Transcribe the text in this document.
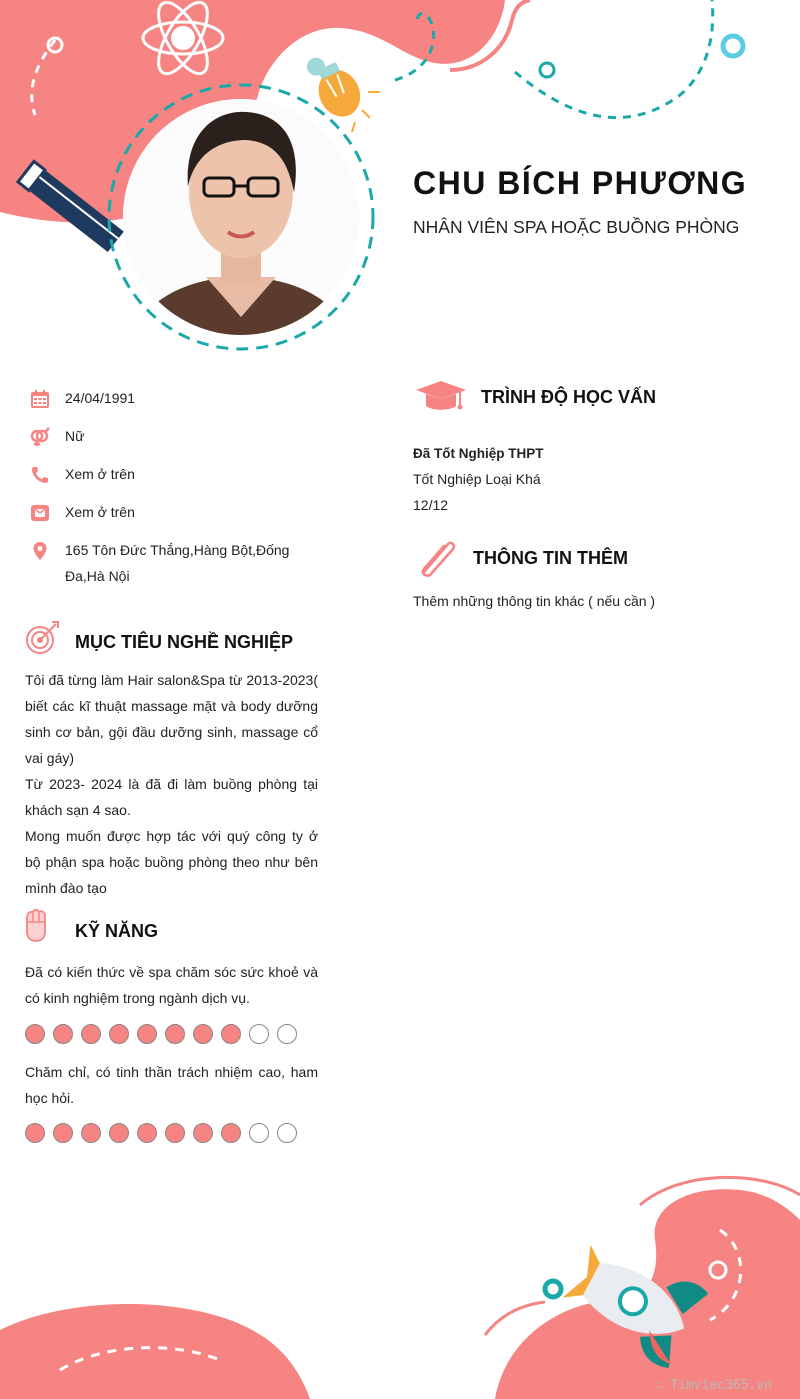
CHU BÍCH PHƯƠNG
NHÂN VIÊN SPA HOẶC BUỒNG PHÒNG
24/04/1991
Nữ
Xem ở trên
Xem ở trên
165 Tôn Đức Thắng,Hàng Bột,Đống Đa,Hà Nội
MỤC TIÊU NGHỀ NGHIỆP

Tôi đã từng làm Hair salon&Spa từ 2013-2023( biết các kĩ thuật massage mặt và body dưỡng sinh cơ bản, gội đầu dưỡng sinh, massage cổ vai gáy)

Từ 2023- 2024 là đã đi làm buồng phòng tại khách sạn 4 sao.

Mong muốn được hợp tác với quý công ty ở bộ phận spa hoặc buồng phòng theo như bên mình đào tạo

KỸ NĂNG
Đã có kiến thức về spa chăm sóc sức khoẻ và có kinh nghiệm trong ngành dịch vụ.
Chăm chỉ, có tinh thần trách nhiệm cao, ham học hỏi.
TRÌNH ĐỘ HỌC VẤN
Đã Tốt Nghiệp THPT
Tốt Nghiệp Loại Khá
12/12
THÔNG TIN THÊM
Thêm những thông tin khác ( nếu cần )
∴ Timviec365.vn
